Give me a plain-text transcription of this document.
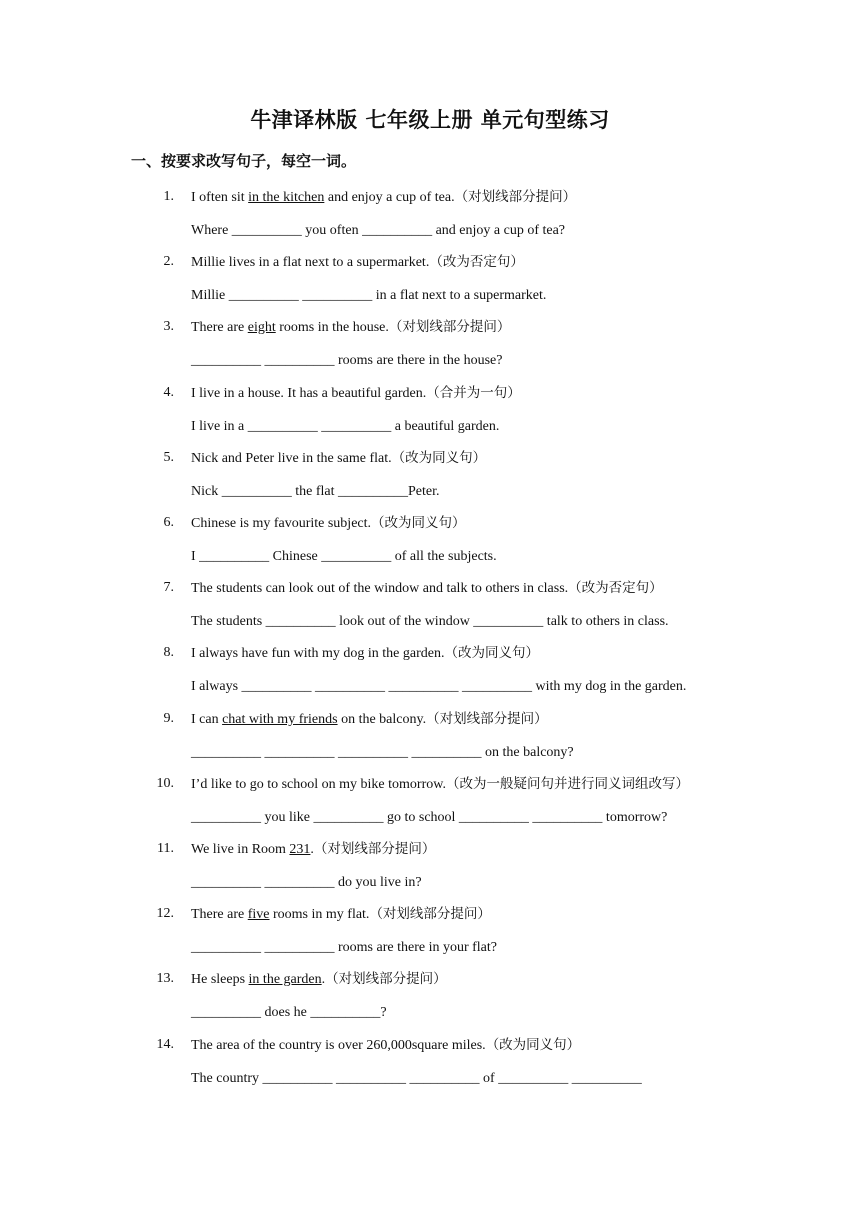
牛津译林版 七年级上册 单元句型练习
一、按要求改写句子，每空一词。
1. I often sit in the kitchen and enjoy a cup of tea.（对划线部分提问）
Where __________ you often __________ and enjoy a cup of tea?
2. Millie lives in a flat next to a supermarket.（改为否定句）
Millie __________ __________ in a flat next to a supermarket.
3. There are eight rooms in the house.（对划线部分提问）
__________ __________ rooms are there in the house?
4. I live in a house. It has a beautiful garden.（合并为一句）
I live in a __________ __________ a beautiful garden.
5. Nick and Peter live in the same flat.（改为同义句）
Nick __________ the flat __________Peter.
6. Chinese is my favourite subject.（改为同义句）
I __________ Chinese __________ of all the subjects.
7. The students can look out of the window and talk to others in class.（改为否定句）
The students __________ look out of the window __________ talk to others in class.
8. I always have fun with my dog in the garden.（改为同义句）
I always __________ __________ __________ __________ with my dog in the garden.
9. I can chat with my friends on the balcony.（对划线部分提问）
__________ __________ __________ __________ on the balcony?
10. I’d like to go to school on my bike tomorrow.（改为一般疑问句并进行同义词组改写）
__________ you like __________ go to school __________ __________ tomorrow?
11. We live in Room 231.（对划线部分提问）
__________ __________ do you live in?
12. There are five rooms in my flat.（对划线部分提问）
__________ __________ rooms are there in your flat?
13. He sleeps in the garden.（对划线部分提问）
__________ does he __________?
14. The area of the country is over 260,000square miles.（改为同义句）
The country __________ __________ __________ of __________ __________
